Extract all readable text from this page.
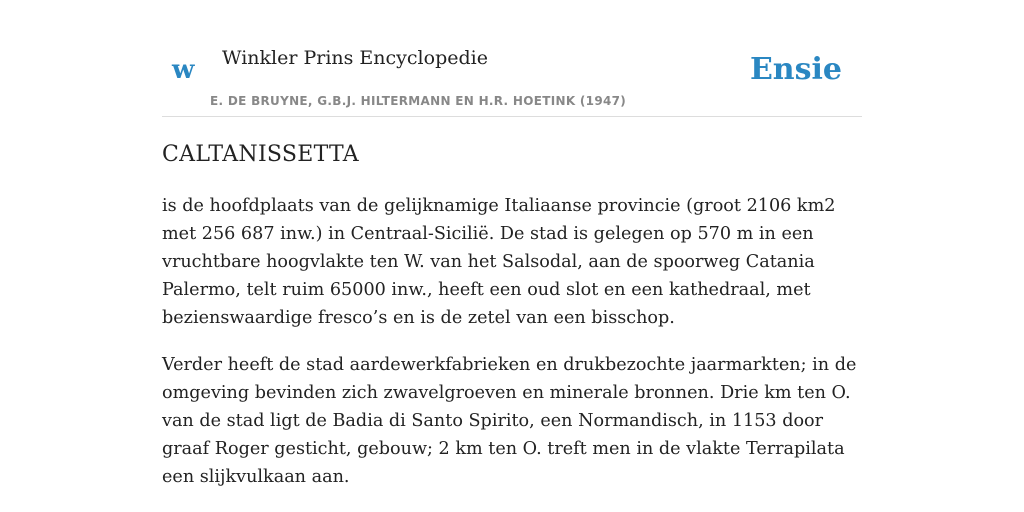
w Winkler Prins Encyclopedie
E. DE BRUYNE, G.B.J. HILTERMANN EN H.R. HOETINK (1947)
Ensie
CALTANISSETTA

is de hoofdplaats van de gelijknamige Italiaanse provincie (groot 2106 km2 met 256 687 inw.) in Centraal-Sicilië. De stad is gelegen op 570 m in een vruchtbare hoogvlakte ten W. van het Salsodal, aan de spoorweg Catania Palermo, telt ruim 65000 inw., heeft een oud slot en een kathedraal, met bezienswaardige fresco’s en is de zetel van een bisschop.

Verder heeft de stad aardewerkfabrieken en drukbezochte jaarmarkten; in de omgeving bevinden zich zwavelgroeven en minerale bronnen. Drie km ten O. van de stad ligt de Badia di Santo Spirito, een Normandisch, in 1153 door graaf Roger gesticht, gebouw; 2 km ten O. treft men in de vlakte Terrapilata een slijkvulkaan aan.
